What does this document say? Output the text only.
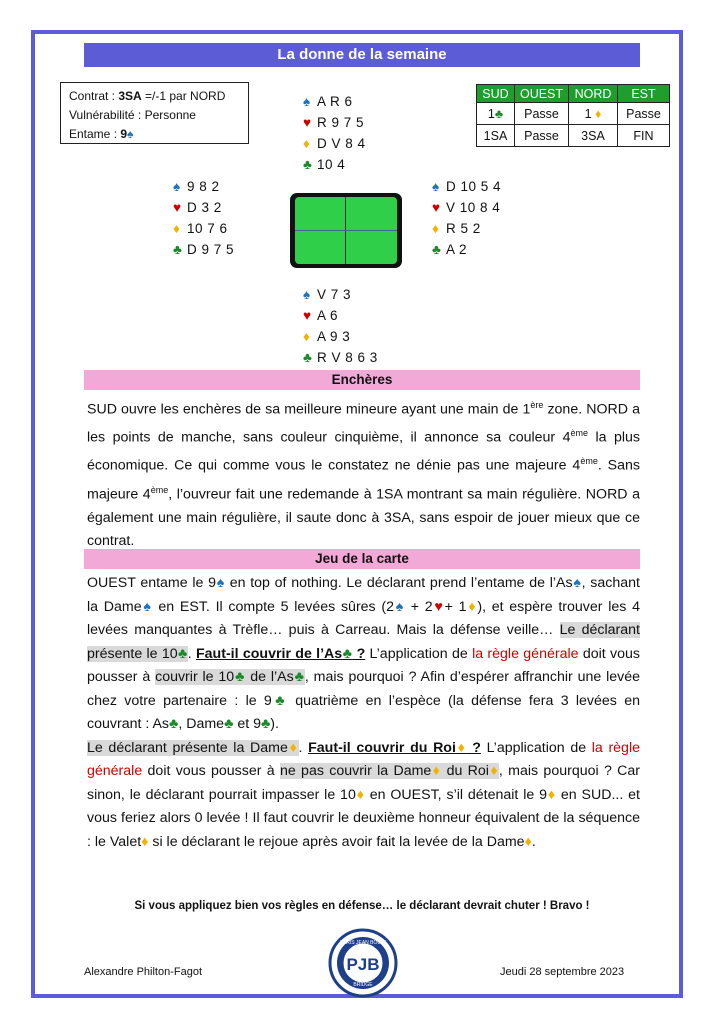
La donne de la semaine
Contrat : 3SA =/-1 par NORD
Vulnérabilité : Personne
Entame : 9♠
♠ A R 6
♥ R 9 7 5
♦ D V 8 4
♣ 10 4
♠ 9 8 2
♥ D 3 2
♦ 10 7 6
♣ D 9 7 5
♠ D 10 5 4
♥ V 10 8 4
♦ R 5 2
♣ A 2
♠ V 7 3
♥ A 6
♦ A 9 3
♣ R V 8 6 3
SUD	OUEST	NORD	EST
1♣	Passe	1 ♦	Passe
1SA	Passe	3SA	FIN
Enchères
SUD ouvre les enchères de sa meilleure mineure ayant une main de 1ère zone. NORD a les points de manche, sans couleur cinquième, il annonce sa couleur 4ème la plus économique. Ce qui comme vous le constatez ne dénie pas une majeure 4ème. Sans majeure 4ème, l’ouvreur fait une redemande à 1SA montrant sa main régulière. NORD a également une main régulière, il saute donc à 3SA, sans espoir de jouer mieux que ce contrat.
Jeu de la carte
OUEST entame le 9♠ en top of nothing. Le déclarant prend l’entame de l’As♠, sachant la Dame♠ en EST. Il compte 5 levées sûres (2♠ + 2♥+ 1♦), et espère trouver les 4 levées manquantes à Trèfle… puis à Carreau. Mais la défense veille… Le déclarant présente le 10♣. Faut-il couvrir de l’As♣ ? L’application de la règle générale doit vous pousser à couvrir le 10♣ de l’As♣, mais pourquoi ? Afin d’espérer affranchir une levée chez votre partenaire : le 9♣ quatrième en l’espèce (la défense fera 3 levées en couvrant : As♣, Dame♣ et 9♣).
Le déclarant présente la Dame♦. Faut-il couvrir du Roi♦ ? L’application de la règle générale doit vous pousser à ne pas couvrir la Dame♦ du Roi♦, mais pourquoi ? Car sinon, le déclarant pourrait impasser le 10♦ en OUEST, s’il détenait le 9♦ en SUD... et vous feriez alors 0 levée ! Il faut couvrir le deuxième honneur équivalent de la séquence : le Valet♦ si le déclarant le rejoue après avoir fait la levée de la Dame♦.
Si vous appliquez bien vos règles en défense… le déclarant devrait chuter ! Bravo !
PJB
PARIS JEAN BOUIN
BRIDGE
Alexandre Philton-Fagot	Jeudi 28 septembre 2023
